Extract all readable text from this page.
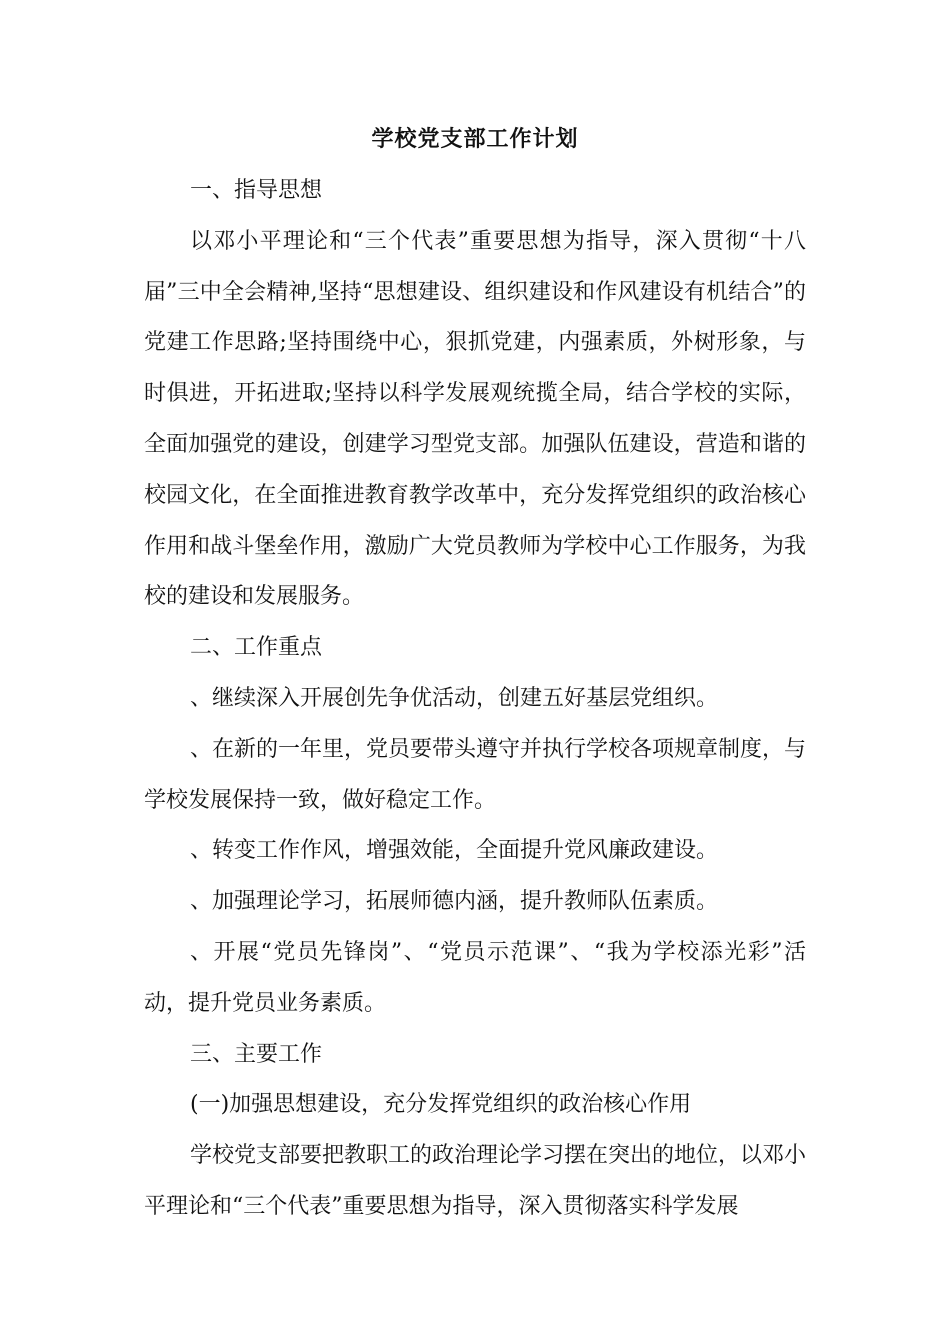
学校党支部工作计划

一、指导思想

以邓小平理论和“三个代表”重要思想为指导，深入贯彻“十八届”三中全会精神,坚持“思想建设、组织建设和作风建设有机结合”的党建工作思路;坚持围绕中心，狠抓党建，内强素质，外树形象，与时俱进，开拓进取;坚持以科学发展观统揽全局，结合学校的实际，全面加强党的建设，创建学习型党支部。加强队伍建设，营造和谐的校园文化，在全面推进教育教学改革中，充分发挥党组织的政治核心作用和战斗堡垒作用，激励广大党员教师为学校中心工作服务，为我校的建设和发展服务。

二、工作重点

、继续深入开展创先争优活动，创建五好基层党组织。

、在新的一年里，党员要带头遵守并执行学校各项规章制度，与学校发展保持一致，做好稳定工作。

、转变工作作风，增强效能，全面提升党风廉政建设。

、加强理论学习，拓展师德内涵，提升教师队伍素质。

、开展“党员先锋岗”、“党员示范课”、“我为学校添光彩”活动，提升党员业务素质。

三、主要工作

(一)加强思想建设，充分发挥党组织的政治核心作用

学校党支部要把教职工的政治理论学习摆在突出的地位，以邓小平理论和“三个代表”重要思想为指导，深入贯彻落实科学发展
